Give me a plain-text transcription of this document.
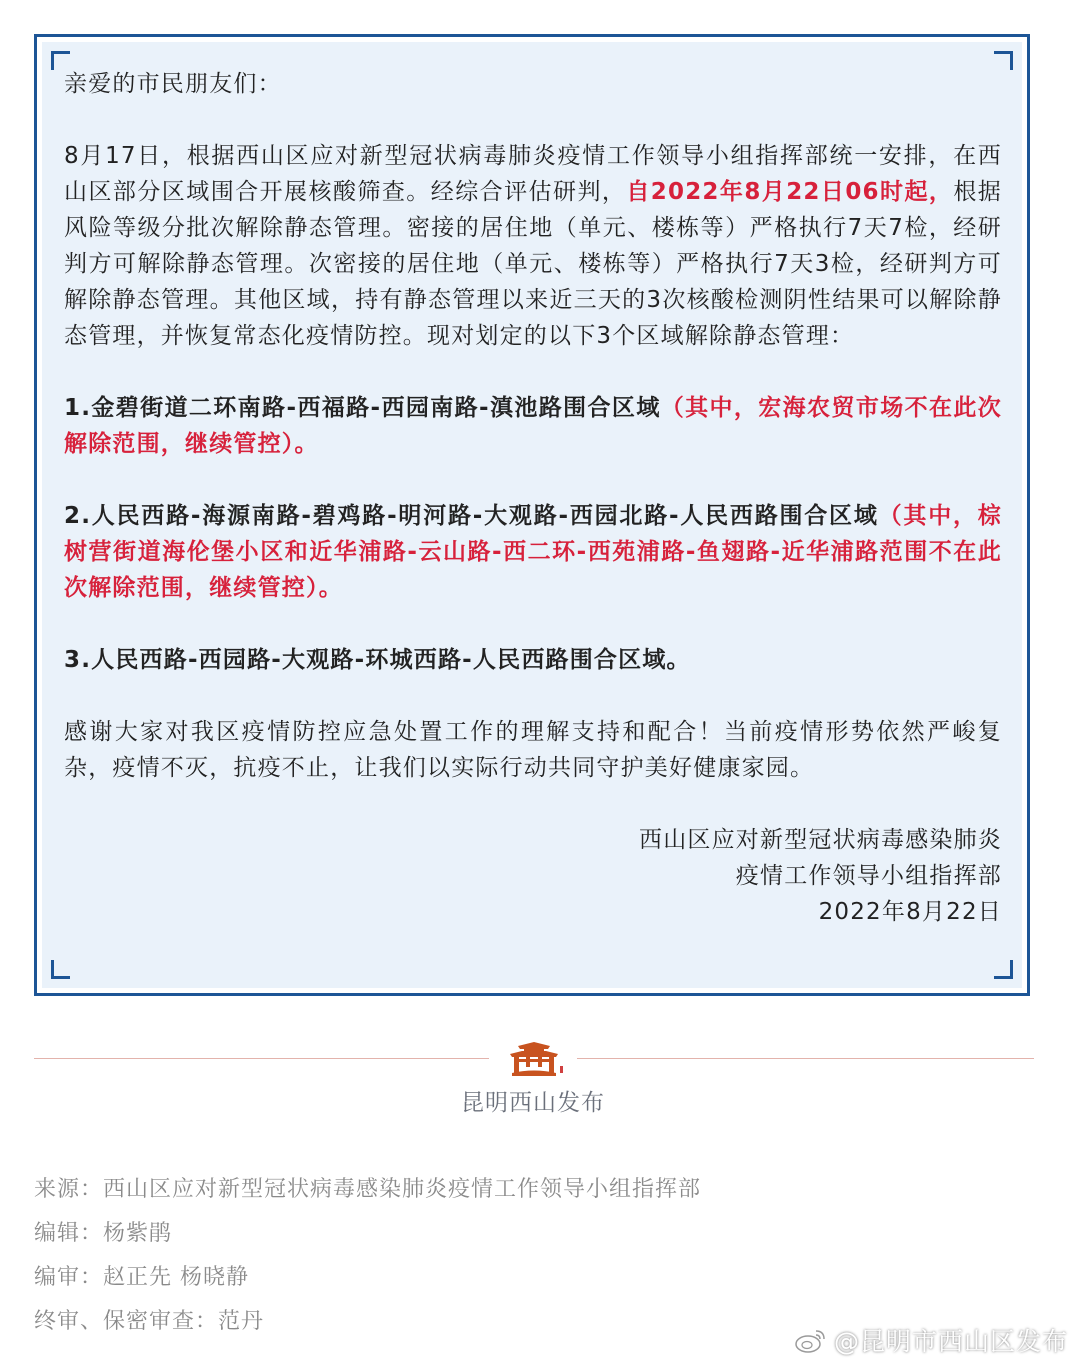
亲爱的市民朋友们：

8月17日，根据西山区应对新型冠状病毒肺炎疫情工作领导小组指挥部统一安排，在西山区部分区域围合开展核酸筛查。经综合评估研判，自2022年8月22日06时起，根据风险等级分批次解除静态管理。密接的居住地（单元、楼栋等）严格执行7天7检，经研判方可解除静态管理。次密接的居住地（单元、楼栋等）严格执行7天3检，经研判方可解除静态管理。其他区域，持有静态管理以来近三天的3次核酸检测阴性结果可以解除静态管理，并恢复常态化疫情防控。现对划定的以下3个区域解除静态管理：

1.金碧街道二环南路-西福路-西园南路-滇池路围合区域（其中，宏海农贸市场不在此次解除范围，继续管控）。

2.人民西路-海源南路-碧鸡路-明河路-大观路-西园北路-人民西路围合区域（其中，棕树营街道海伦堡小区和近华浦路-云山路-西二环-西苑浦路-鱼翅路-近华浦路范围不在此次解除范围，继续管控）。

3.人民西路-西园路-大观路-环城西路-人民西路围合区域。

感谢大家对我区疫情防控应急处置工作的理解支持和配合！当前疫情形势依然严峻复杂，疫情不灭，抗疫不止，让我们以实际行动共同守护美好健康家园。

西山区应对新型冠状病毒感染肺炎

疫情工作领导小组指挥部

2022年8月22日

昆明西山发布
来源：西山区应对新型冠状病毒感染肺炎疫情工作领导小组指挥部
编辑：杨紫鹃
编审：赵正先 杨晓静
终审、保密审查：范丹
@昆明市西山区发布
